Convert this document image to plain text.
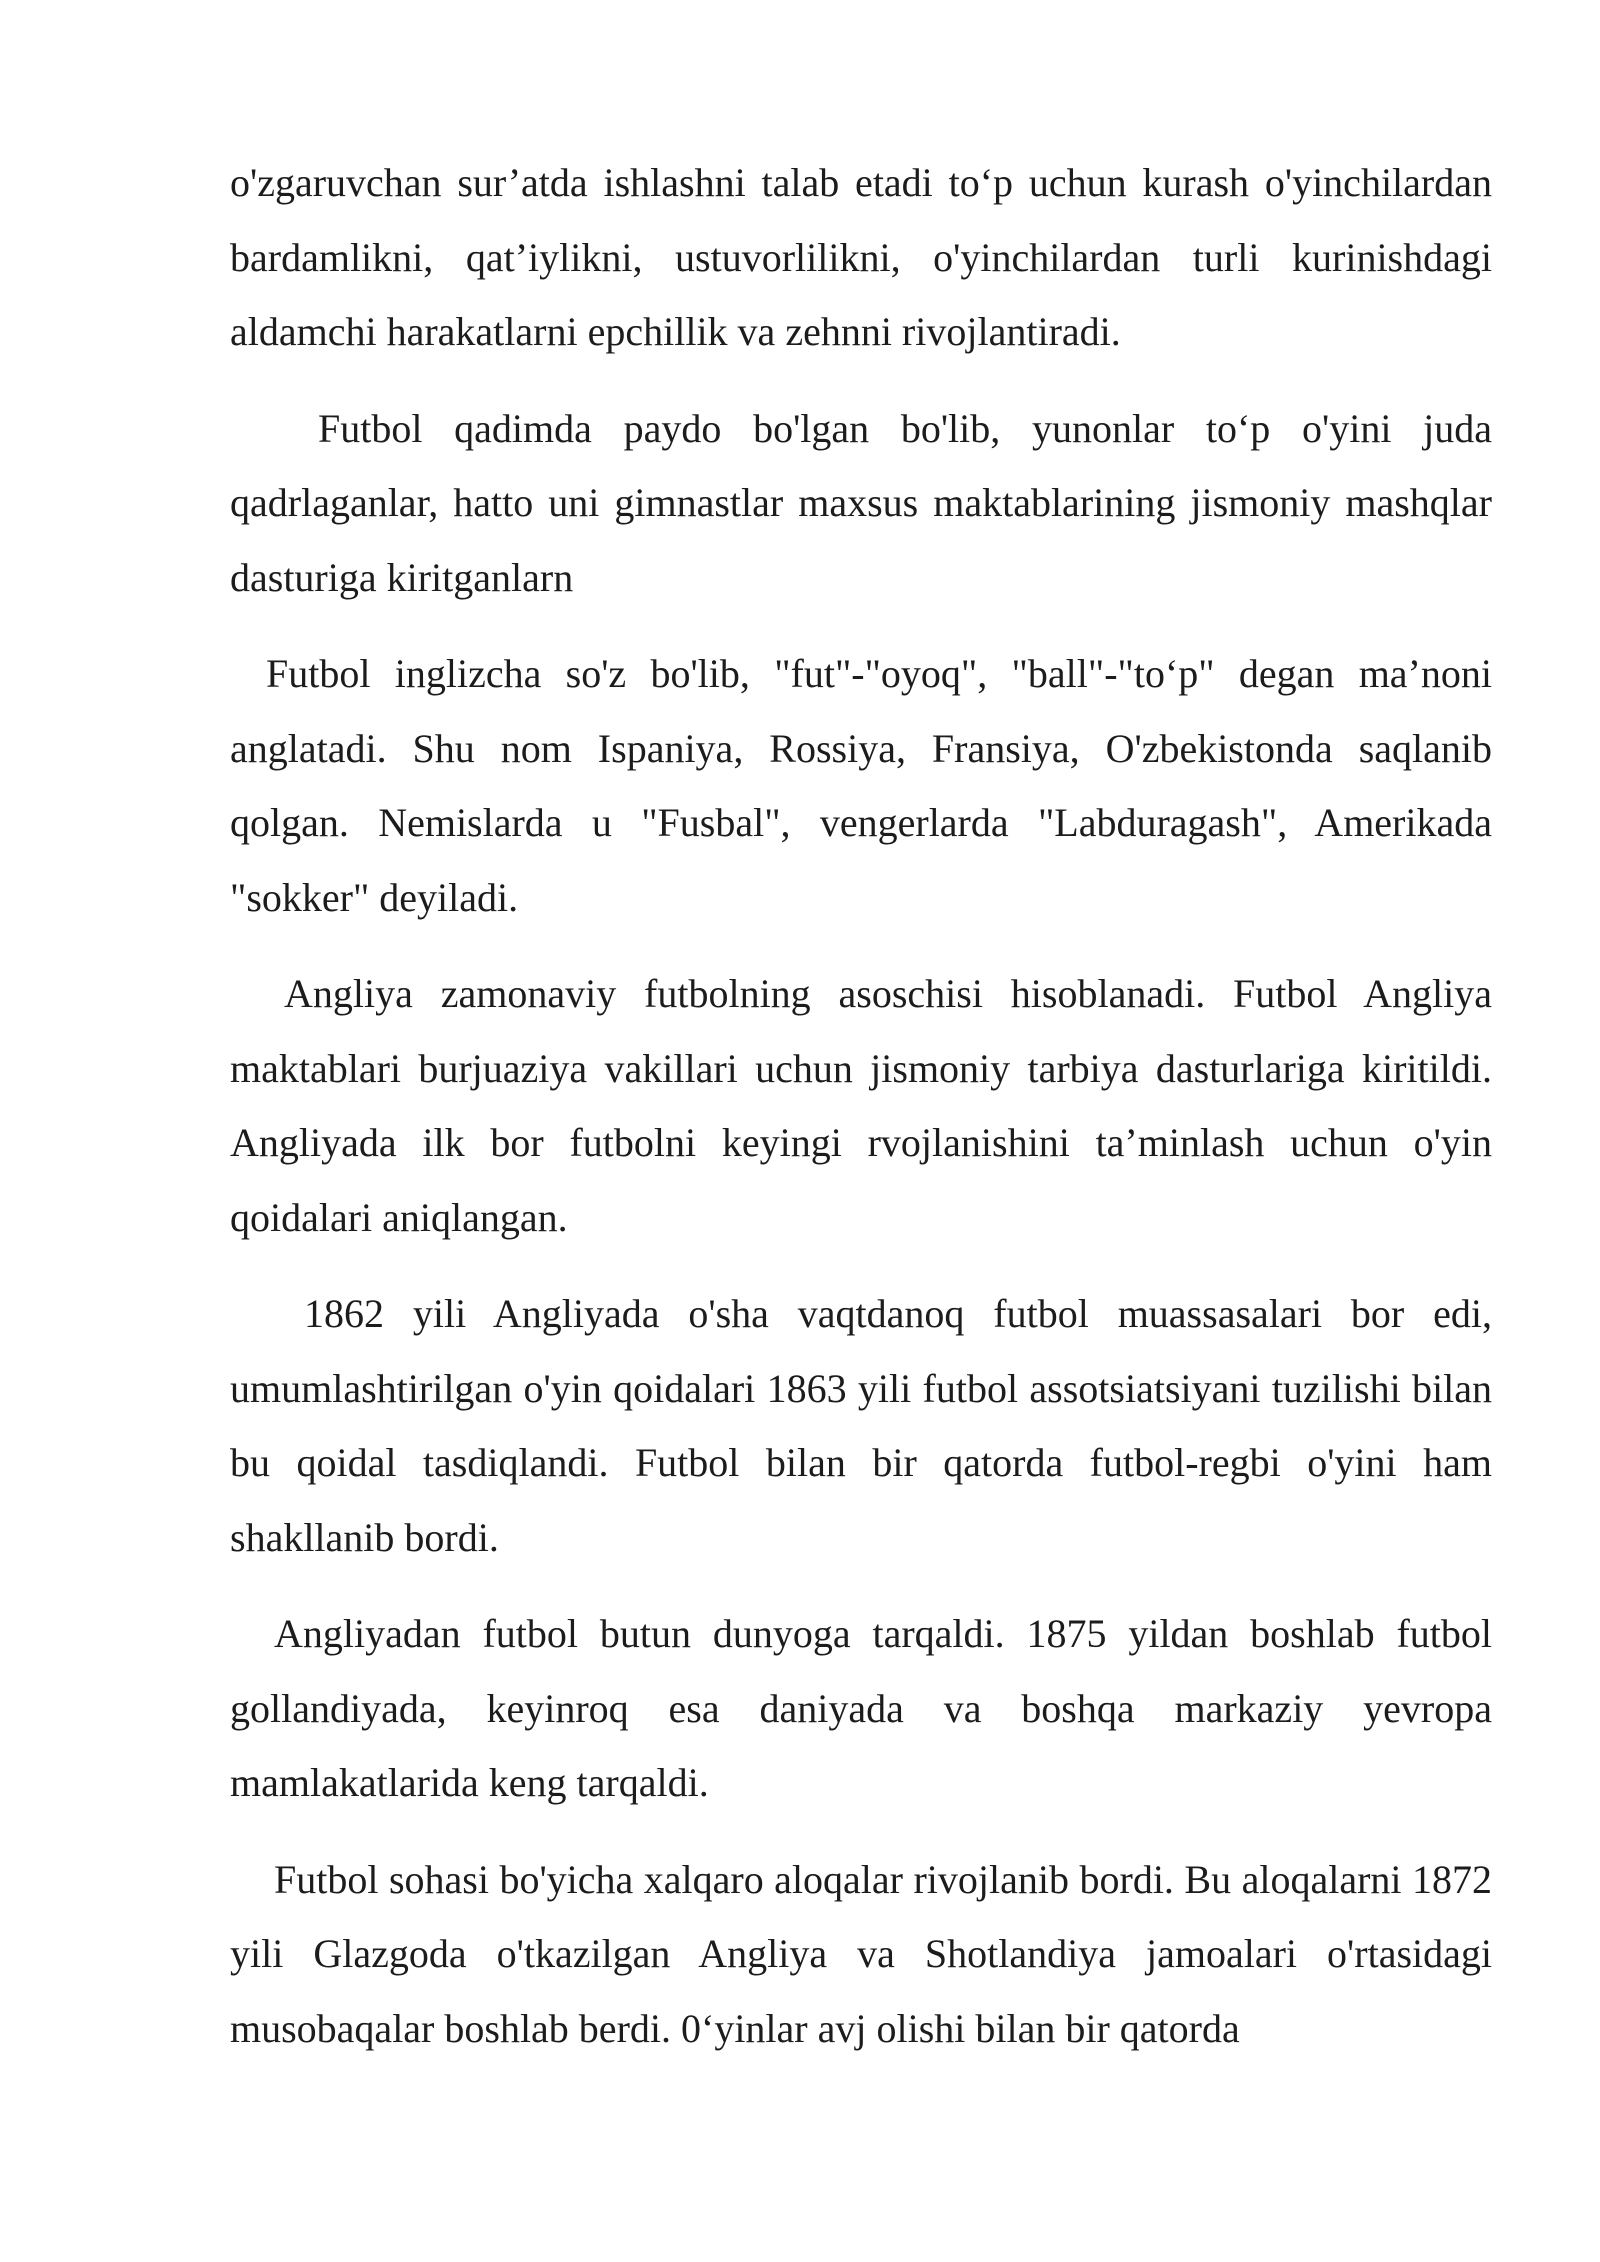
o'zgaruvchan sur’atda ishlashni talab etadi to‘p uchun kurash o'yinchilardan bardamlikni, qat’iylikni, ustuvorlilikni, o'yinchilardan turli kurinishdagi aldamchi harakatlarni epchillik va zehnni rivojlantiradi.

Futbol qadimda paydo bo'lgan bo'lib, yunonlar to‘p o'yini juda qadrlaganlar, hatto uni gimnastlar maxsus maktablarining jismoniy mashqlar dasturiga kiritganlarn

Futbol inglizcha so'z bo'lib, "fut"-"oyoq", "ball"-"to‘p" degan ma’noni anglatadi. Shu nom Ispaniya, Rossiya, Fransiya, O'zbekistonda saqlanib qolgan. Nemislarda u "Fusbal", vengerlarda "Labduragash", Amerikada "sokker" deyiladi.

Angliya zamonaviy futbolning asoschisi hisoblanadi. Futbol Angliya maktablari burjuaziya vakillari uchun jismoniy tarbiya dasturlariga kiritildi. Angliyada ilk bor futbolni keyingi rvojlanishini ta’minlash uchun o'yin qoidalari aniqlangan.

1862 yili Angliyada o'sha vaqtdanoq futbol muassasalari bor edi, umumlashtirilgan o'yin qoidalari 1863 yili futbol assotsiatsiyani tuzilishi bilan bu qoidal tasdiqlandi. Futbol bilan bir qatorda futbol-regbi o'yini ham shakllanib bordi.

Angliyadan futbol butun dunyoga tarqaldi. 1875 yildan boshlab futbol gollandiyada, keyinroq esa daniyada va boshqa markaziy yevropa mamlakatlarida keng tarqaldi.

Futbol sohasi bo'yicha xalqaro aloqalar rivojlanib bordi. Bu aloqalarni 1872 yili Glazgoda o'tkazilgan Angliya va Shotlandiya jamoalari o'rtasidagi musobaqalar boshlab berdi. 0‘yinlar avj olishi bilan bir qatorda
